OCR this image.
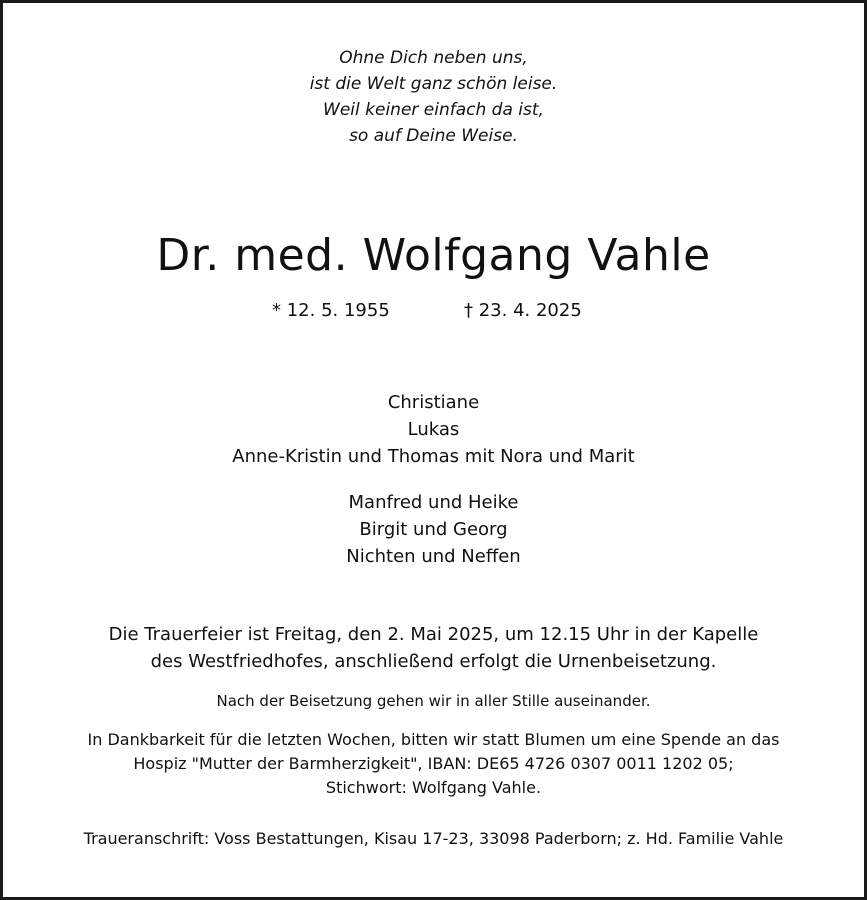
Ohne Dich neben uns,
ist die Welt ganz schön leise.
Weil keiner einfach da ist,
so auf Deine Weise.
Dr. med. Wolfgang Vahle
* 12. 5. 1955	† 23. 4. 2025
Christiane
Lukas
Anne-Kristin und Thomas mit Nora und Marit
Manfred und Heike
Birgit und Georg
Nichten und Neffen
Die Trauerfeier ist Freitag, den 2. Mai 2025, um 12.15 Uhr in der Kapelle
des Westfriedhofes, anschließend erfolgt die Urnenbeisetzung.
Nach der Beisetzung gehen wir in aller Stille auseinander.
In Dankbarkeit für die letzten Wochen, bitten wir statt Blumen um eine Spende an das
Hospiz "Mutter der Barmherzigkeit", IBAN: DE65 4726 0307 0011 1202 05;
Stichwort: Wolfgang Vahle.
Traueranschrift: Voss Bestattungen, Kisau 17-23, 33098 Paderborn; z. Hd. Familie Vahle
